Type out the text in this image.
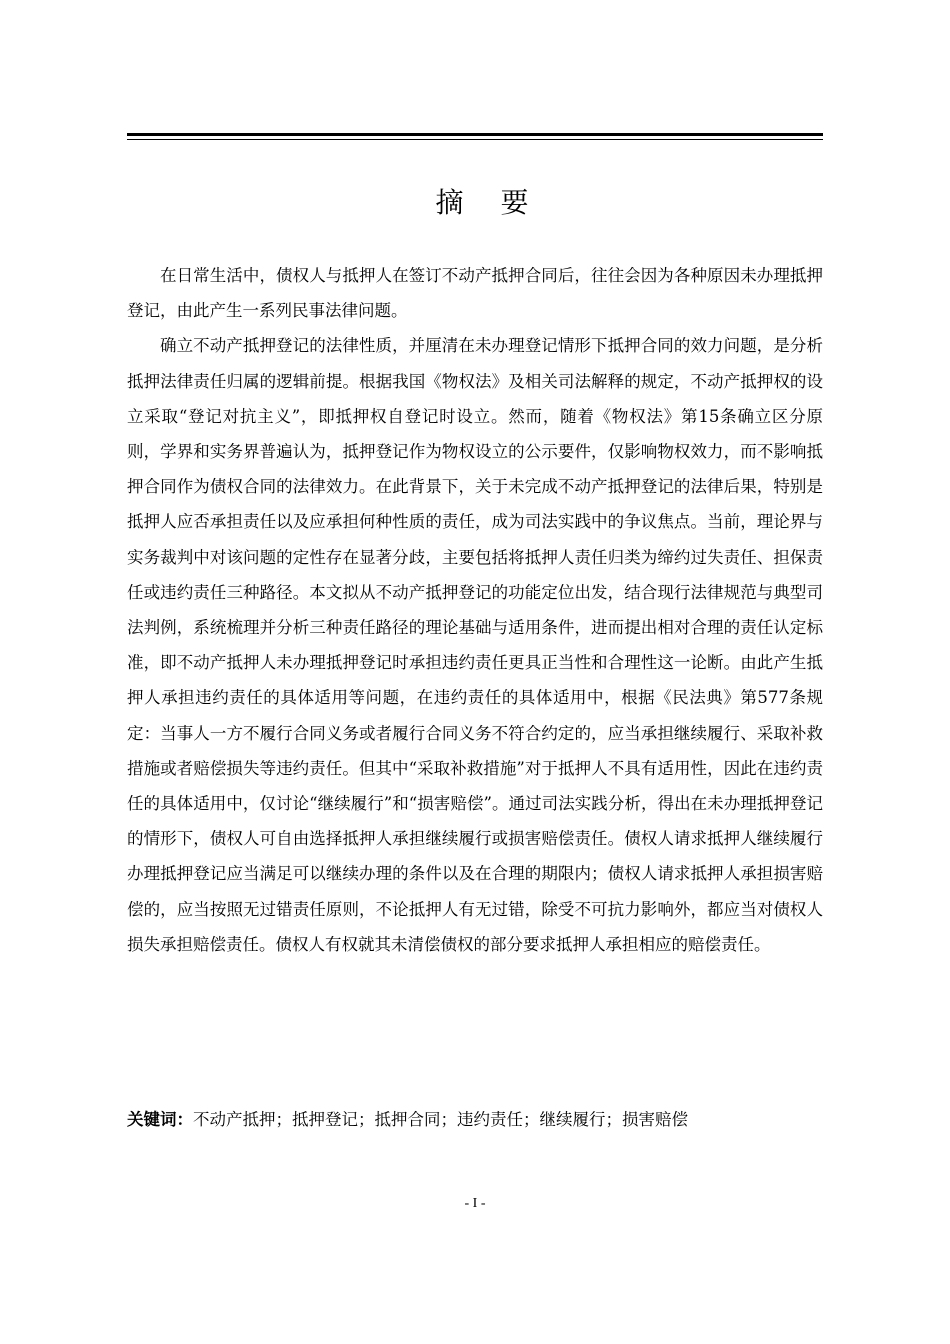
摘 要

在日常生活中，债权人与抵押人在签订不动产抵押合同后，往往会因为各种原因未办理抵押登记，由此产生一系列民事法律问题。

确立不动产抵押登记的法律性质，并厘清在未办理登记情形下抵押合同的效力问题，是分析抵押法律责任归属的逻辑前提。根据我国《物权法》及相关司法解释的规定，不动产抵押权的设立采取“登记对抗主义”，即抵押权自登记时设立。然而，随着《物权法》第15条确立区分原则，学界和实务界普遍认为，抵押登记作为物权设立的公示要件，仅影响物权效力，而不影响抵押合同作为债权合同的法律效力。在此背景下，关于未完成不动产抵押登记的法律后果，特别是抵押人应否承担责任以及应承担何种性质的责任，成为司法实践中的争议焦点。当前，理论界与实务裁判中对该问题的定性存在显著分歧，主要包括将抵押人责任归类为缔约过失责任、担保责任或违约责任三种路径。本文拟从不动产抵押登记的功能定位出发，结合现行法律规范与典型司法判例，系统梳理并分析三种责任路径的理论基础与适用条件，进而提出相对合理的责任认定标准，即不动产抵押人未办理抵押登记时承担违约责任更具正当性和合理性这一论断。由此产生抵押人承担违约责任的具体适用等问题，在违约责任的具体适用中，根据《民法典》第577条规定：当事人一方不履行合同义务或者履行合同义务不符合约定的，应当承担继续履行、采取补救措施或者赔偿损失等违约责任。但其中“采取补救措施”对于抵押人不具有适用性，因此在违约责任的具体适用中，仅讨论“继续履行”和“损害赔偿”。通过司法实践分析，得出在未办理抵押登记的情形下，债权人可自由选择抵押人承担继续履行或损害赔偿责任。债权人请求抵押人继续履行办理抵押登记应当满足可以继续办理的条件以及在合理的期限内；债权人请求抵押人承担损害赔偿的，应当按照无过错责任原则，不论抵押人有无过错，除受不可抗力影响外，都应当对债权人损失承担赔偿责任。债权人有权就其未清偿债权的部分要求抵押人承担相应的赔偿责任。

关键词：不动产抵押；抵押登记；抵押合同；违约责任；继续履行；损害赔偿
- I -
